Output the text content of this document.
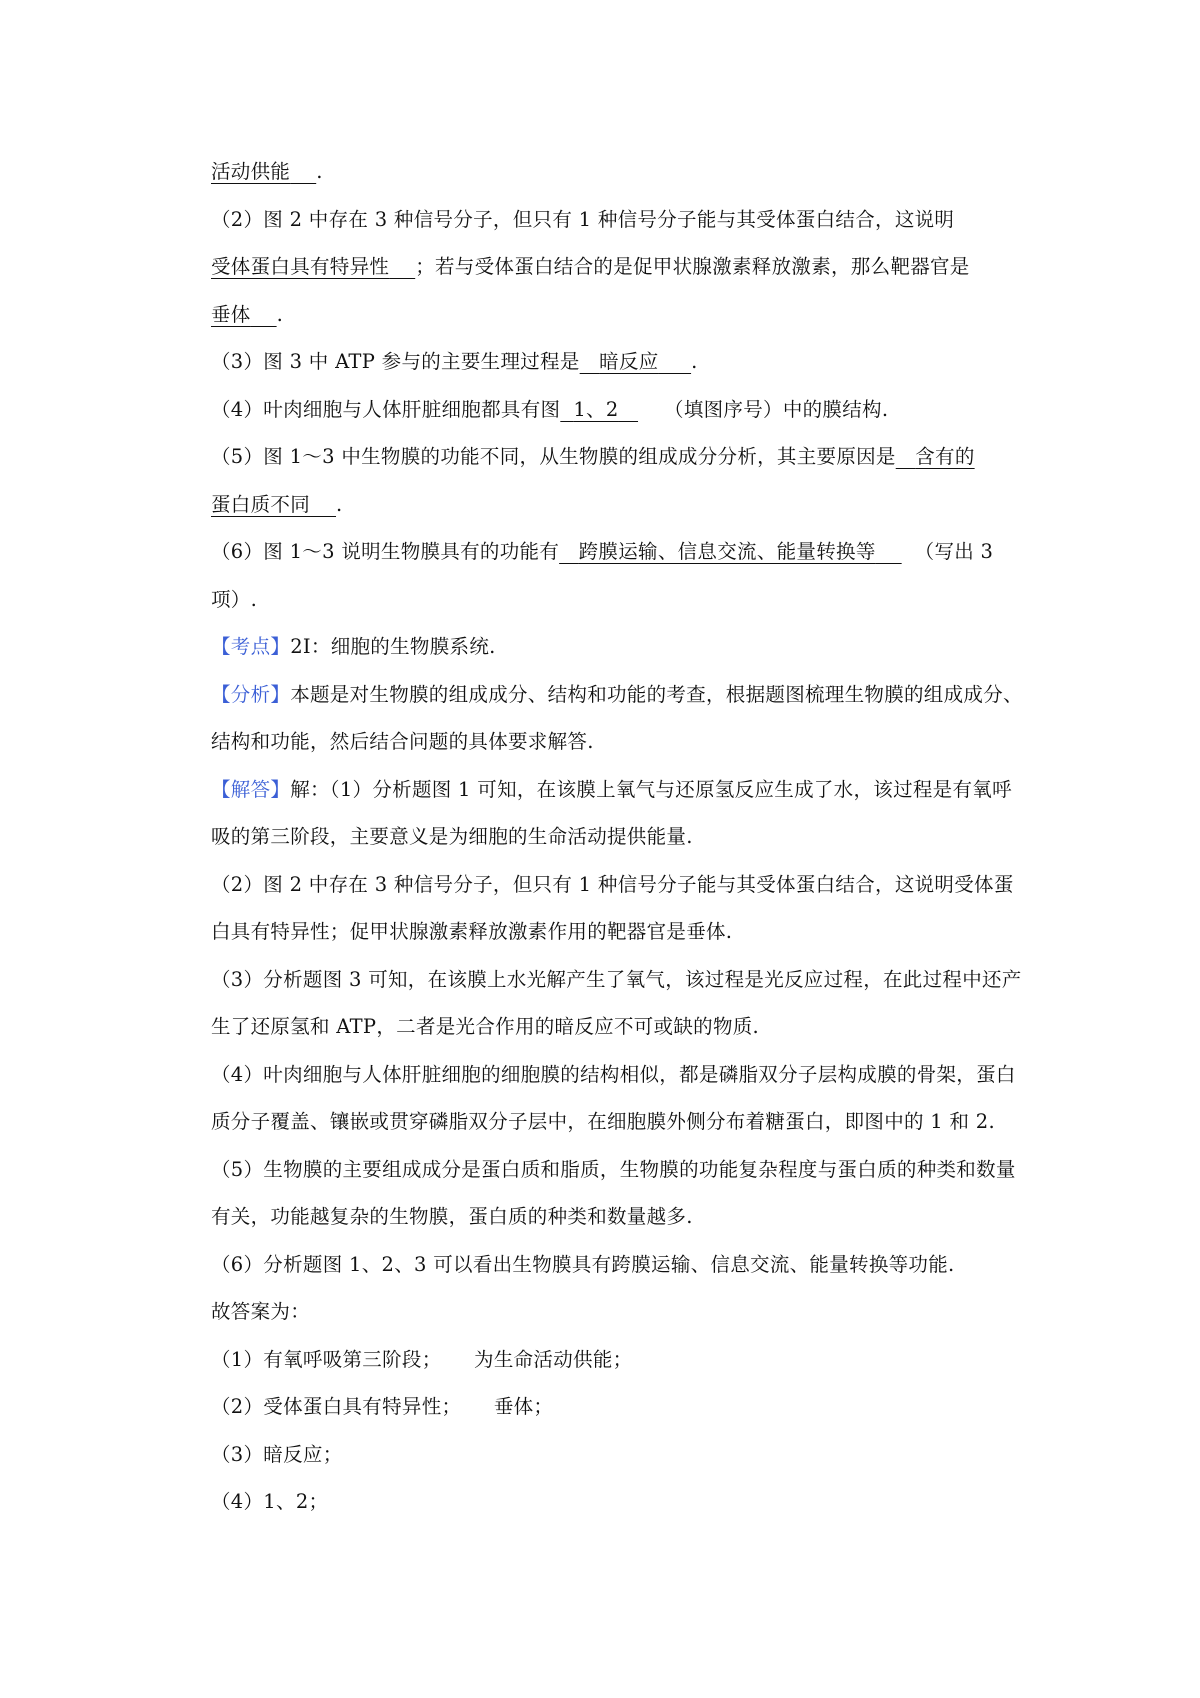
活动供能 .
（2）图 2 中存在 3 种信号分子，但只有 1 种信号分子能与其受体蛋白结合，这说明
受体蛋白具有特异性 ；若与受体蛋白结合的是促甲状腺激素释放激素，那么靶器官是
垂体 .
（3）图 3 中 ATP 参与的主要生理过程是 暗反应 .
（4）叶肉细胞与人体肝脏细胞都具有图 1、2 （填图序号）中的膜结构.
（5）图 1～3 中生物膜的功能不同，从生物膜的组成成分分析，其主要原因是 含有的
蛋白质不同 .
（6）图 1～3 说明生物膜具有的功能有 跨膜运输、信息交流、能量转换等 （写出 3
项）.
【考点】2I：细胞的生物膜系统.
【分析】本题是对生物膜的组成成分、结构和功能的考查，根据题图梳理生物膜的组成成分、结构和功能，然后结合问题的具体要求解答.
【解答】解：（1）分析题图 1 可知，在该膜上氧气与还原氢反应生成了水，该过程是有氧呼吸的第三阶段，主要意义是为细胞的生命活动提供能量.
（2）图 2 中存在 3 种信号分子，但只有 1 种信号分子能与其受体蛋白结合，这说明受体蛋白具有特异性；促甲状腺激素释放激素作用的靶器官是垂体.
（3）分析题图 3 可知，在该膜上水光解产生了氧气，该过程是光反应过程，在此过程中还产生了还原氢和 ATP，二者是光合作用的暗反应不可或缺的物质.
（4）叶肉细胞与人体肝脏细胞的细胞膜的结构相似，都是磷脂双分子层构成膜的骨架，蛋白质分子覆盖、镶嵌或贯穿磷脂双分子层中，在细胞膜外侧分布着糖蛋白，即图中的 1 和 2.
（5）生物膜的主要组成成分是蛋白质和脂质，生物膜的功能复杂程度与蛋白质的种类和数量有关，功能越复杂的生物膜，蛋白质的种类和数量越多.
（6）分析题图 1、2、3 可以看出生物膜具有跨膜运输、信息交流、能量转换等功能.
故答案为：
（1）有氧呼吸第三阶段； 为生命活动供能；
（2）受体蛋白具有特异性； 垂体；
（3）暗反应；
（4）1、2；
